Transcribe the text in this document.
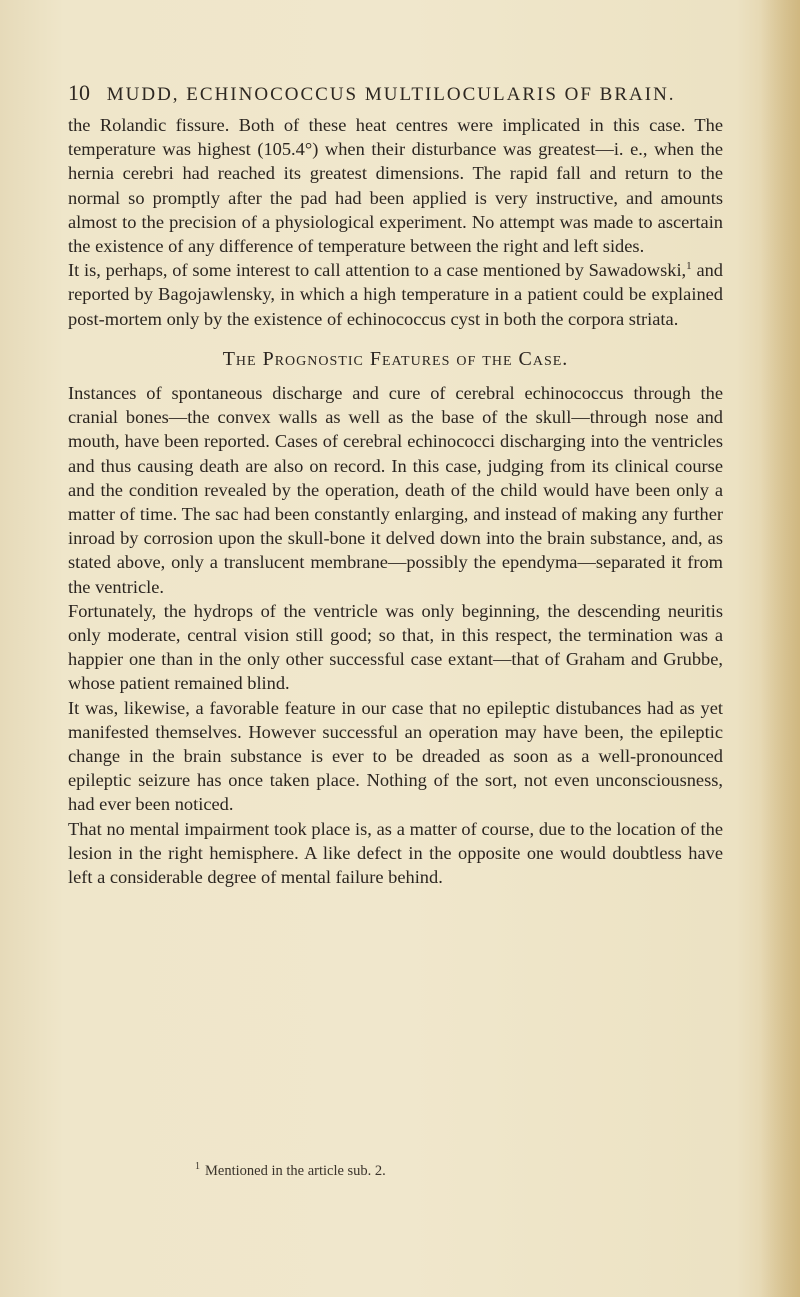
10 MUDD, ECHINOCOCCUS MULTILOCULARIS OF BRAIN.

the Rolandic fissure. Both of these heat centres were implicated in this case. The temperature was highest (105.4°) when their disturbance was greatest—i. e., when the hernia cerebri had reached its greatest dimensions. The rapid fall and return to the normal so promptly after the pad had been applied is very instructive, and amounts almost to the precision of a physiological experiment. No attempt was made to ascertain the existence of any difference of temperature between the right and left sides.

It is, perhaps, of some interest to call attention to a case mentioned by Sawadowski,$^1$ and reported by Bagojawlensky, in which a high temperature in a patient could be explained post-mortem only by the existence of echinococcus cyst in both the corpora striata.

The Prognostic Features of the Case.

Instances of spontaneous discharge and cure of cerebral echinococcus through the cranial bones—the convex walls as well as the base of the skull—through nose and mouth, have been reported. Cases of cerebral echinococci discharging into the ventricles and thus causing death are also on record. In this case, judging from its clinical course and the condition revealed by the operation, death of the child would have been only a matter of time. The sac had been constantly enlarging, and instead of making any further inroad by corrosion upon the skull-bone it delved down into the brain substance, and, as stated above, only a translucent membrane—possibly the ependyma—separated it from the ventricle.

Fortunately, the hydrops of the ventricle was only beginning, the descending neuritis only moderate, central vision still good; so that, in this respect, the termination was a happier one than in the only other successful case extant—that of Graham and Grubbe, whose patient remained blind.

It was, likewise, a favorable feature in our case that no epileptic distubances had as yet manifested themselves. However successful an operation may have been, the epileptic change in the brain substance is ever to be dreaded as soon as a well-pronounced epileptic seizure has once taken place. Nothing of the sort, not even unconsciousness, had ever been noticed.

That no mental impairment took place is, as a matter of course, due to the location of the lesion in the right hemisphere. A like defect in the opposite one would doubtless have left a considerable degree of mental failure behind.

$^1$ Mentioned in the article sub. 2.
